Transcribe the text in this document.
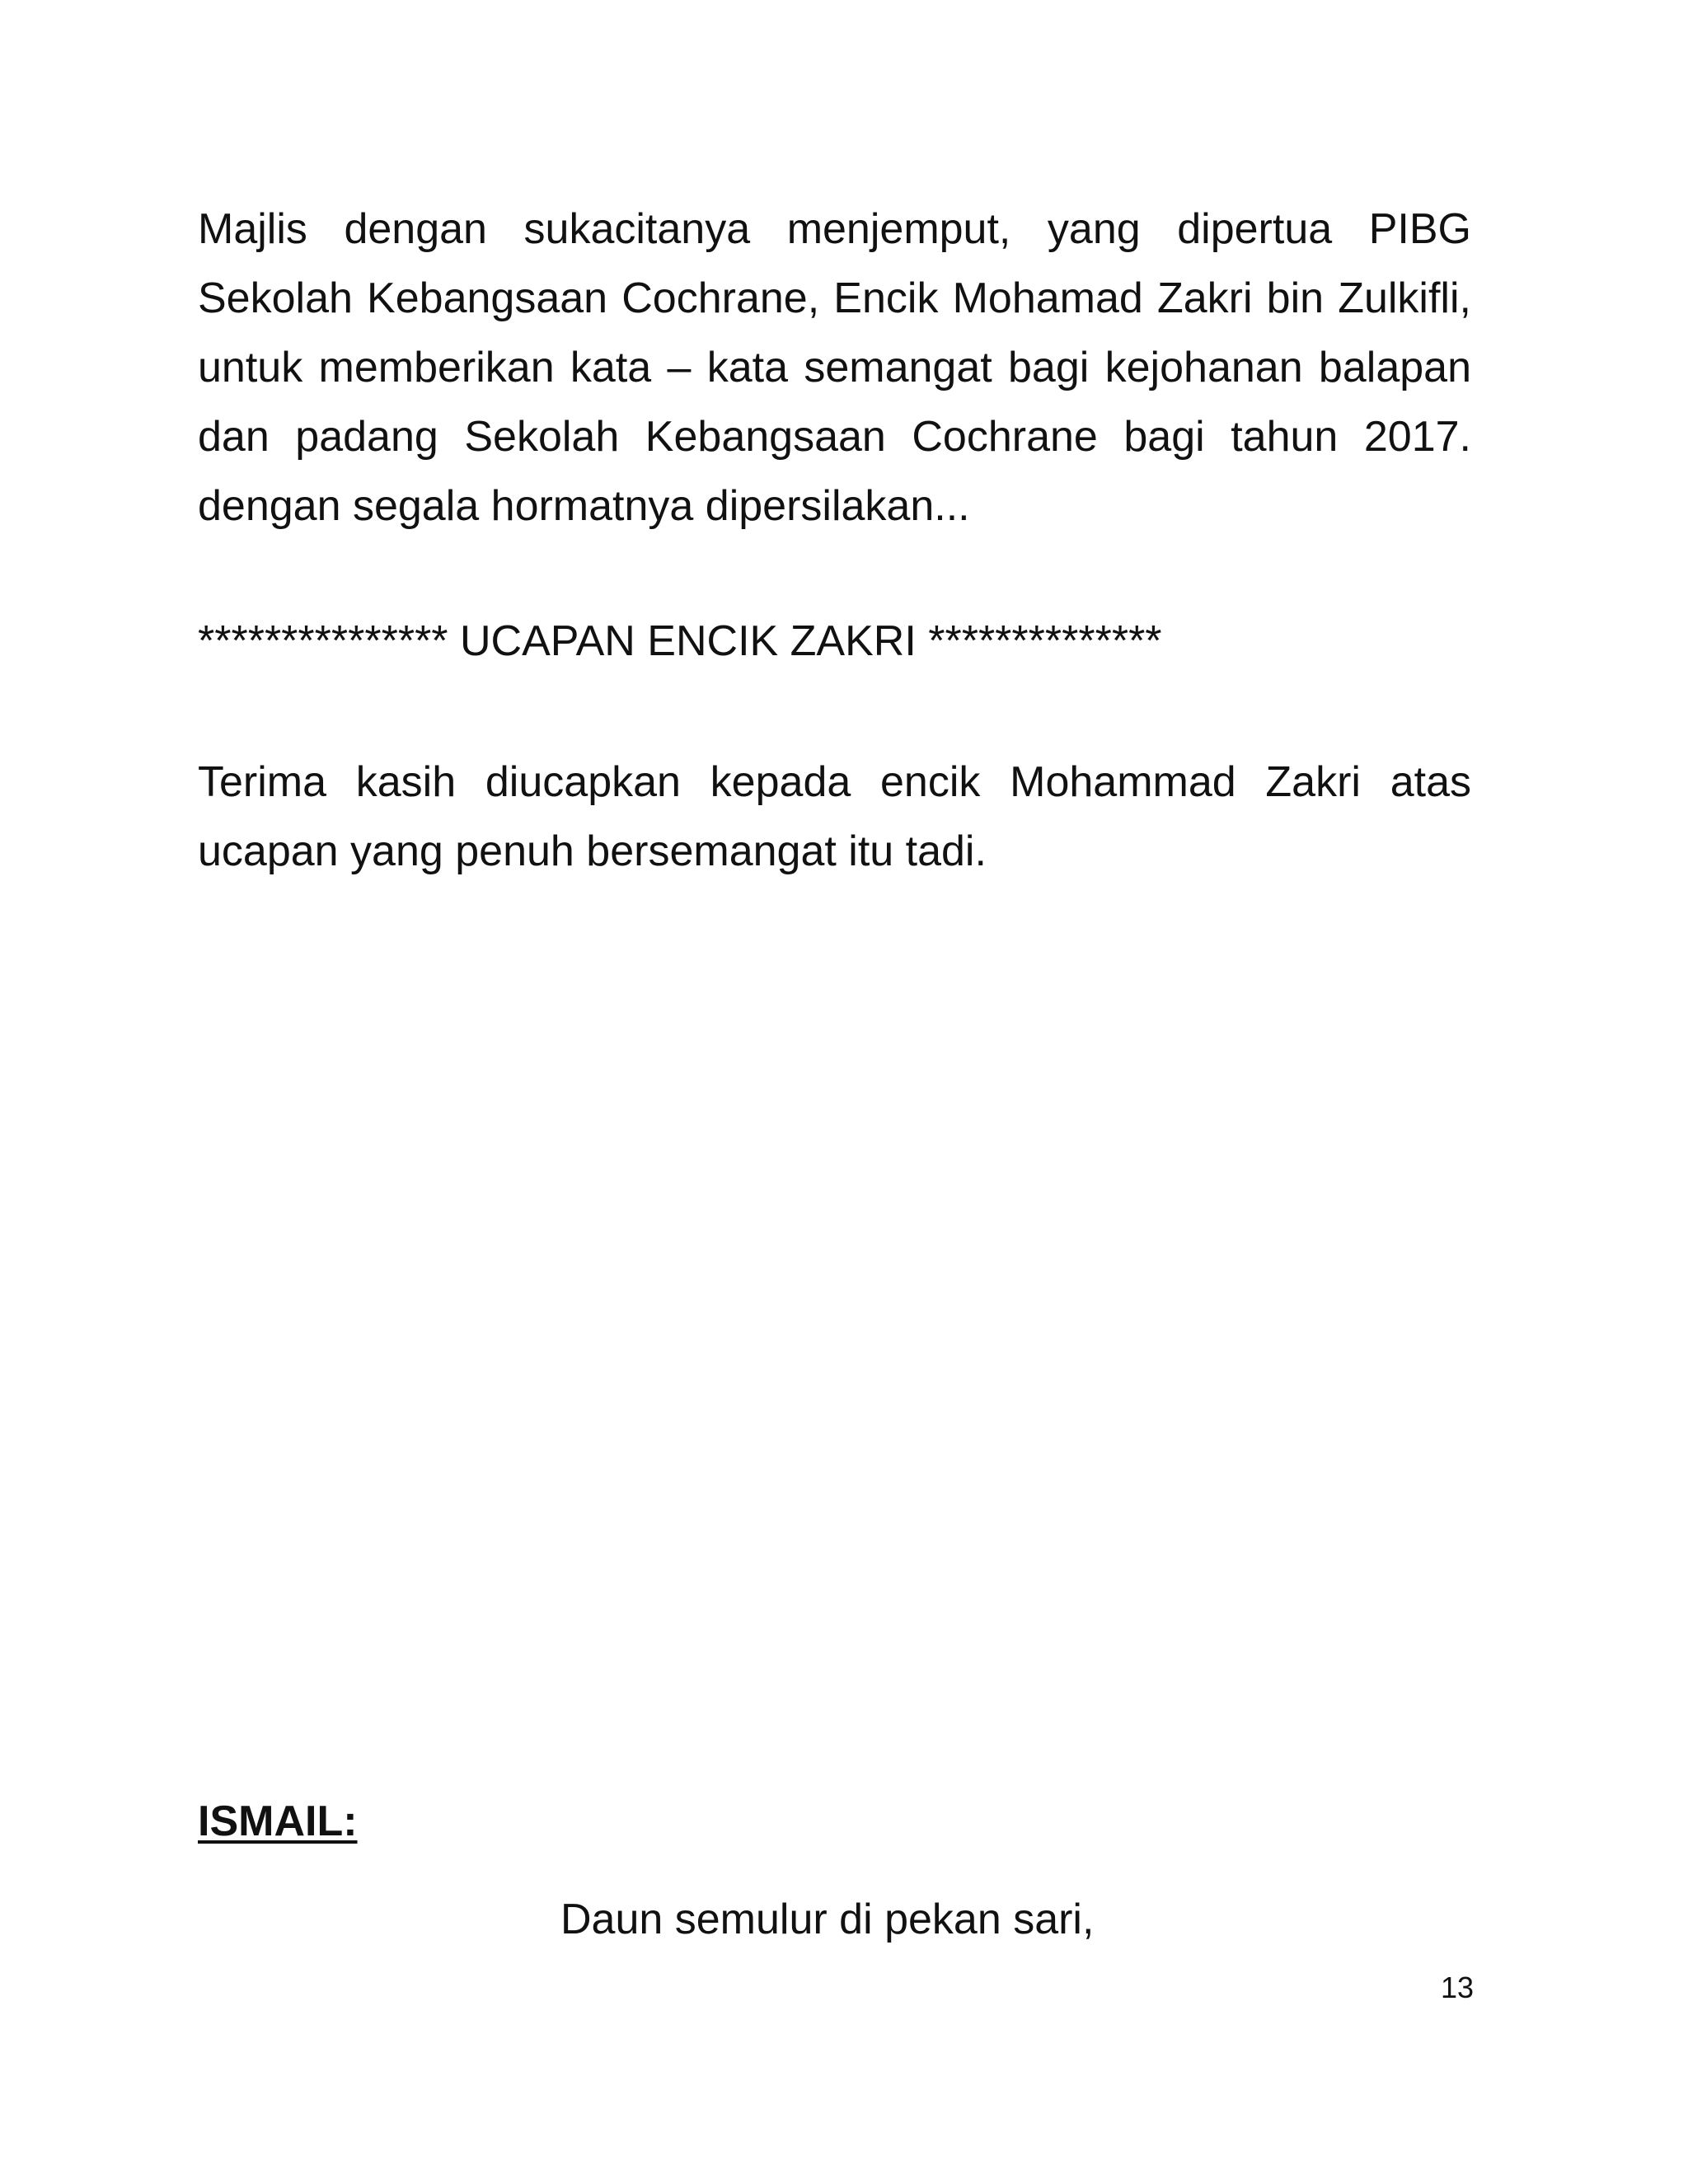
Majlis dengan sukacitanya menjemput, yang dipertua PIBG Sekolah Kebangsaan Cochrane, Encik Mohamad Zakri bin Zulkifli, untuk memberikan kata – kata semangat bagi kejohanan balapan dan padang Sekolah Kebangsaan Cochrane bagi tahun 2017. dengan segala hormatnya dipersilakan...

*************** UCAPAN ENCIK ZAKRI **************

Terima kasih diucapkan kepada encik Mohammad Zakri atas ucapan yang penuh bersemangat itu tadi.

ISMAIL:

Daun semulur di pekan sari,

13
